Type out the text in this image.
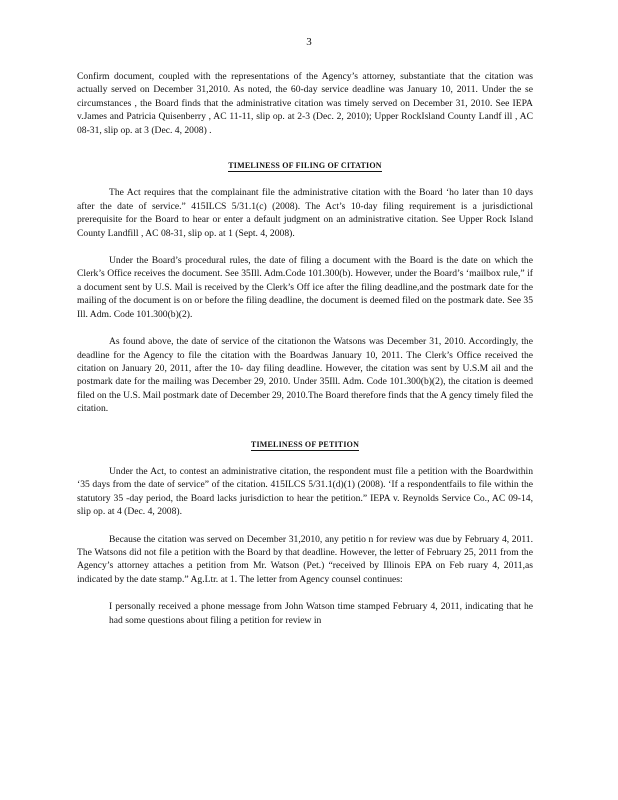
3

Confirm document, coupled with the representations of the Agency’s attorney, substantiate that the citation was actually served on December 31,2010. As noted, the 60-day service deadline was January 10, 2011. Under the se circumstances , the Board finds that the administrative citation was timely served on December 31, 2010. See IEPA v.James and Patricia Quisenberry , AC 11-11, slip op. at 2-3 (Dec. 2, 2010); Upper RockIsland County Landf ill , AC 08-31, slip op. at 3 (Dec. 4, 2008) .

TIMELINESS OF FILING OF CITATION

The Act requires that the complainant file the administrative citation with the Board ‘ho later than 10 days after the date of service.” 415ILCS 5/31.1(c) (2008). The Act’s 10-day filing requirement is a jurisdictional prerequisite for the Board to hear or enter a default judgment on an administrative citation. See Upper Rock Island County Landfill , AC 08-31, slip op. at 1 (Sept. 4, 2008).

Under the Board’s procedural rules, the date of filing a document with the Board is the date on which the Clerk’s Office receives the document. See 35Ill. Adm.Code 101.300(b). However, under the Board’s ‘mailbox rule,” if a document sent by U.S. Mail is received by the Clerk’s Off ice after the filing deadline,and the postmark date for the mailing of the document is on or before the filing deadline, the document is deemed filed on the postmark date. See 35 Ill. Adm. Code 101.300(b)(2).

As found above, the date of service of the citationon the Watsons was December 31, 2010. Accordingly, the deadline for the Agency to file the citation with the Boardwas January 10, 2011. The Clerk’s Office received the citation on January 20, 2011, after the 10- day filing deadline. However, the citation was sent by U.S.M ail and the postmark date for the mailing was December 29, 2010. Under 35Ill. Adm. Code 101.300(b)(2), the citation is deemed filed on the U.S. Mail postmark date of December 29, 2010.The Board therefore finds that the A gency timely filed the citation.

TIMELINESS OF PETITION

Under the Act, to contest an administrative citation, the respondent must file a petition with the Boardwithin ‘35 days from the date of service” of the citation. 415ILCS 5/31.1(d)(1) (2008). ‘If a respondentfails to file within the statutory 35 -day period, the Board lacks jurisdiction to hear the petition.” IEPA v. Reynolds Service Co., AC 09-14, slip op. at 4 (Dec. 4, 2008).

Because the citation was served on December 31,2010, any petitio n for review was due by February 4, 2011. The Watsons did not file a petition with the Board by that deadline. However, the letter of February 25, 2011 from the Agency’s attorney attaches a petition from Mr. Watson (Pet.) “received by Illinois EPA on Feb ruary 4, 2011,as indicated by the date stamp.” Ag.Ltr. at 1. The letter from Agency counsel continues:

I personally received a phone message from John Watson time stamped February 4, 2011, indicating that he had some questions about filing a petition for review in
